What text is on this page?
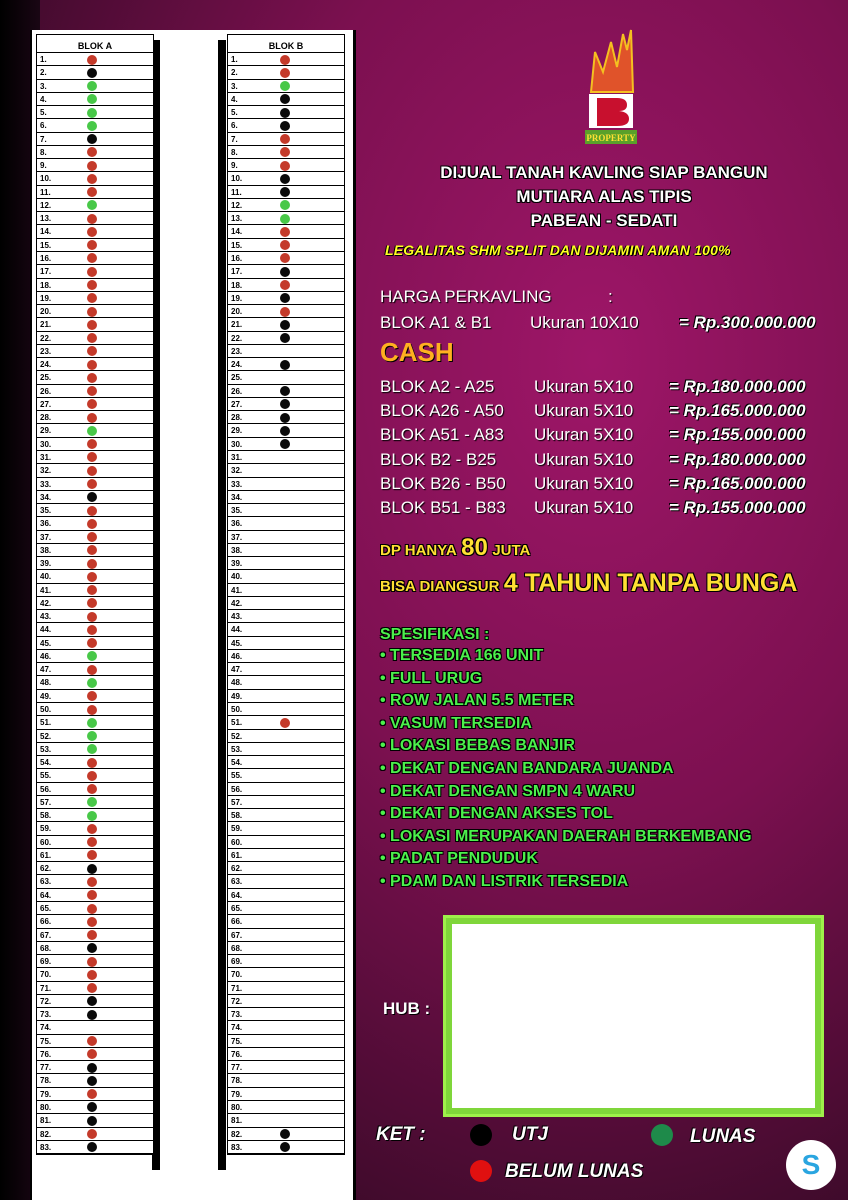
BLOK A
1.
2.
3.
4.
5.
6.
7.
8.
9.
10.
11.
12.
13.
14.
15.
16.
17.
18.
19.
20.
21.
22.
23.
24.
25.
26.
27.
28.
29.
30.
31.
32.
33.
34.
35.
36.
37.
38.
39.
40.
41.
42.
43.
44.
45.
46.
47.
48.
49.
50.
51.
52.
53.
54.
55.
56.
57.
58.
59.
60.
61.
62.
63.
64.
65.
66.
67.
68.
69.
70.
71.
72.
73.
74.
75.
76.
77.
78.
79.
80.
81.
82.
83.
BLOK B
1.
2.
3.
4.
5.
6.
7.
8.
9.
10.
11.
12.
13.
14.
15.
16.
17.
18.
19.
20.
21.
22.
23.
24.
25.
26.
27.
28.
29.
30.
31.
32.
33.
34.
35.
36.
37.
38.
39.
40.
41.
42.
43.
44.
45.
46.
47.
48.
49.
50.
51.
52.
53.
54.
55.
56.
57.
58.
59.
60.
61.
62.
63.
64.
65.
66.
67.
68.
69.
70.
71.
72.
73.
74.
75.
76.
77.
78.
79.
80.
81.
82.
83.
PROPERTY
DIJUAL TANAH KAVLING SIAP BANGUN
MUTIARA ALAS TIPIS
PABEAN - SEDATI
LEGALITAS SHM SPLIT DAN DIJAMIN AMAN 100%
HARGA PERKAVLING	:
BLOK A1 & B1 Ukuran 10X10 = Rp.300.000.000
CASH
BLOK A2 - A25 Ukuran 5X10 = Rp.180.000.000
BLOK A26 - A50 Ukuran 5X10 = Rp.165.000.000
BLOK A51 - A83 Ukuran 5X10 = Rp.155.000.000
BLOK B2 - B25 Ukuran 5X10 = Rp.180.000.000
BLOK B26 - B50 Ukuran 5X10 = Rp.165.000.000
BLOK B51 - B83 Ukuran 5X10 = Rp.155.000.000
DP HANYA 80 JUTA
BISA DIANGSUR 4 TAHUN TANPA BUNGA
SPESIFIKASI :
• TERSEDIA 166 UNIT
• FULL URUG
• ROW JALAN 5.5 METER
• VASUM TERSEDIA
• LOKASI BEBAS BANJIR
• DEKAT DENGAN BANDARA JUANDA
• DEKAT DENGAN SMPN 4 WARU
• DEKAT DENGAN AKSES TOL
• LOKASI MERUPAKAN DAERAH BERKEMBANG
• PADAT PENDUDUK
• PDAM DAN LISTRIK TERSEDIA
HUB :
KET :	UTJ	LUNAS
BELUM LUNAS	S
